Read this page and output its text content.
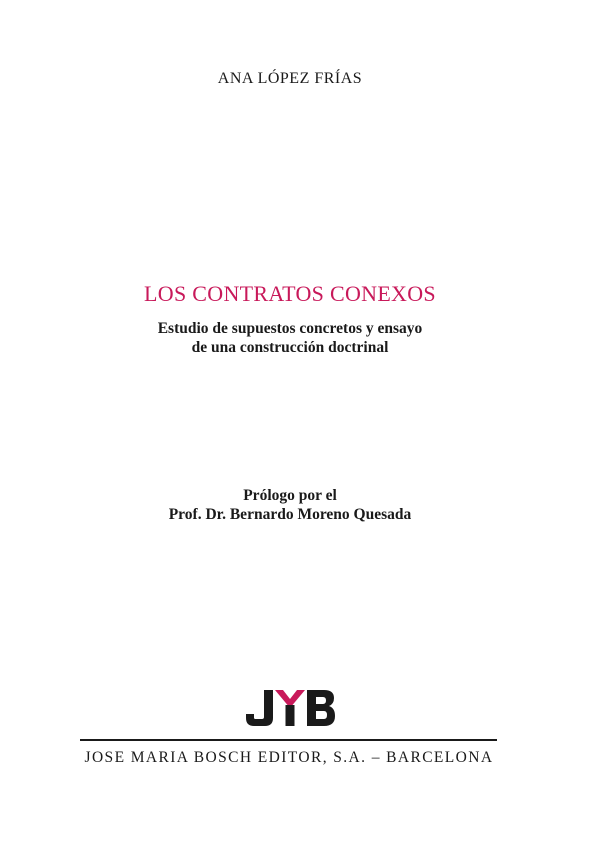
ANA LÓPEZ FRÍAS
LOS CONTRATOS CONEXOS
Estudio de supuestos concretos y ensayo
de una construcción doctrinal
Prólogo por el
Prof. Dr. Bernardo Moreno Quesada
JOSE MARIA BOSCH EDITOR, S.A. – BARCELONA
